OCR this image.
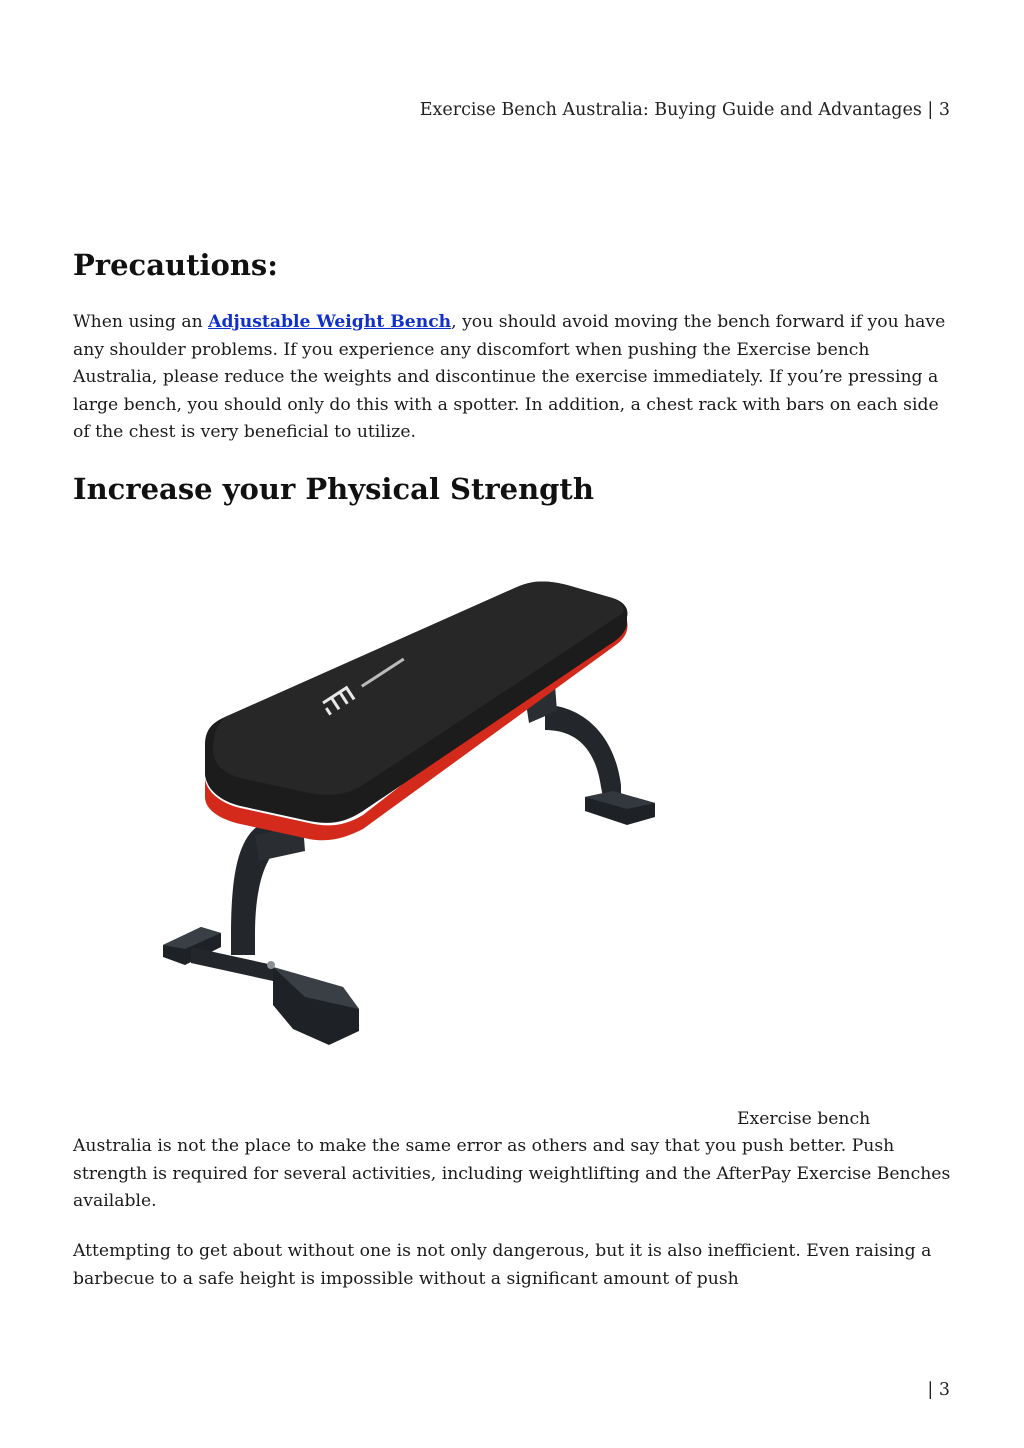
Exercise Bench Australia: Buying Guide and Advantages | 3
Precautions:

When using an Adjustable Weight Bench, you should avoid moving the bench forward if you have any shoulder problems. If you experience any discomfort when pushing the Exercise bench Australia, please reduce the weights and discontinue the exercise immediately. If you’re pressing a large bench, you should only do this with a spotter. In addition, a chest rack with bars on each side of the chest is very beneficial to utilize.

Increase your Physical Strength
Exercise bench

Australia is not the place to make the same error as others and say that you push better. Push strength is required for several activities, including weightlifting and the AfterPay Exercise Benches available.

Attempting to get about without one is not only dangerous, but it is also inefficient. Even raising a barbecue to a safe height is impossible without a significant amount of push

| 3
